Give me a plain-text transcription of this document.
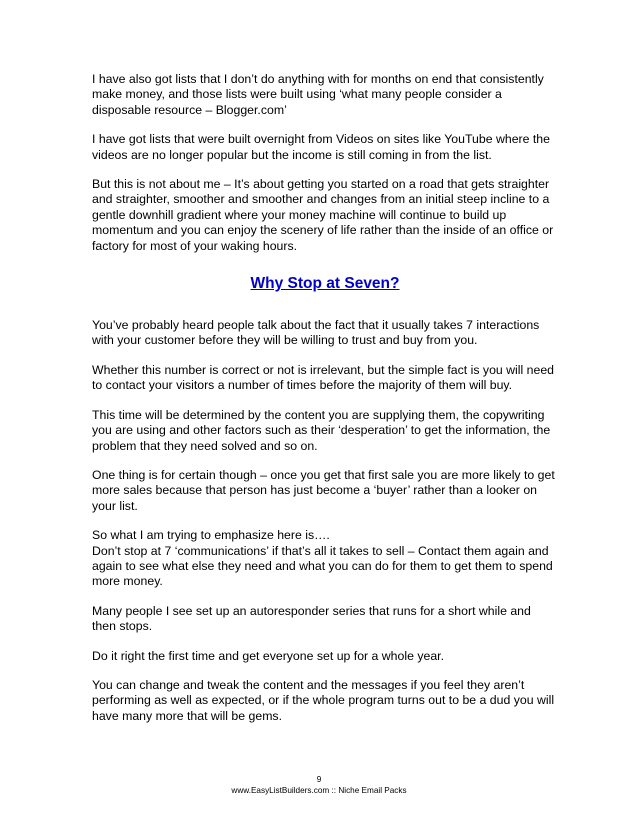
I have also got lists that I don’t do anything with for months on end that consistently make money, and those lists were built using ‘what many people consider a disposable resource – Blogger.com’

I have got lists that were built overnight from Videos on sites like YouTube where the videos are no longer popular but the income is still coming in from the list.

But this is not about me – It’s about getting you started on a road that gets straighter and straighter, smoother and smoother and changes from an initial steep incline to a gentle downhill gradient where your money machine will continue to build up momentum and you can enjoy the scenery of life rather than the inside of an office or factory for most of your waking hours.

Why Stop at Seven?

You’ve probably heard people talk about the fact that it usually takes 7 interactions with your customer before they will be willing to trust and buy from you.

Whether this number is correct or not is irrelevant, but the simple fact is you will need to contact your visitors a number of times before the majority of them will buy.

This time will be determined by the content you are supplying them, the copywriting you are using and other factors such as their ‘desperation’ to get the information, the problem that they need solved and so on.

One thing is for certain though – once you get that first sale you are more likely to get more sales because that person has just become a ‘buyer’ rather than a looker on your list.

So what I am trying to emphasize here is….

Don’t stop at 7 ‘communications’ if that’s all it takes to sell – Contact them again and again to see what else they need and what you can do for them to get them to spend more money.

Many people I see set up an autoresponder series that runs for a short while and then stops.

Do it right the first time and get everyone set up for a whole year.

You can change and tweak the content and the messages if you feel they aren’t performing as well as expected, or if the whole program turns out to be a dud you will have many more that will be gems.

9
www.EasyListBuilders.com :: Niche Email Packs
